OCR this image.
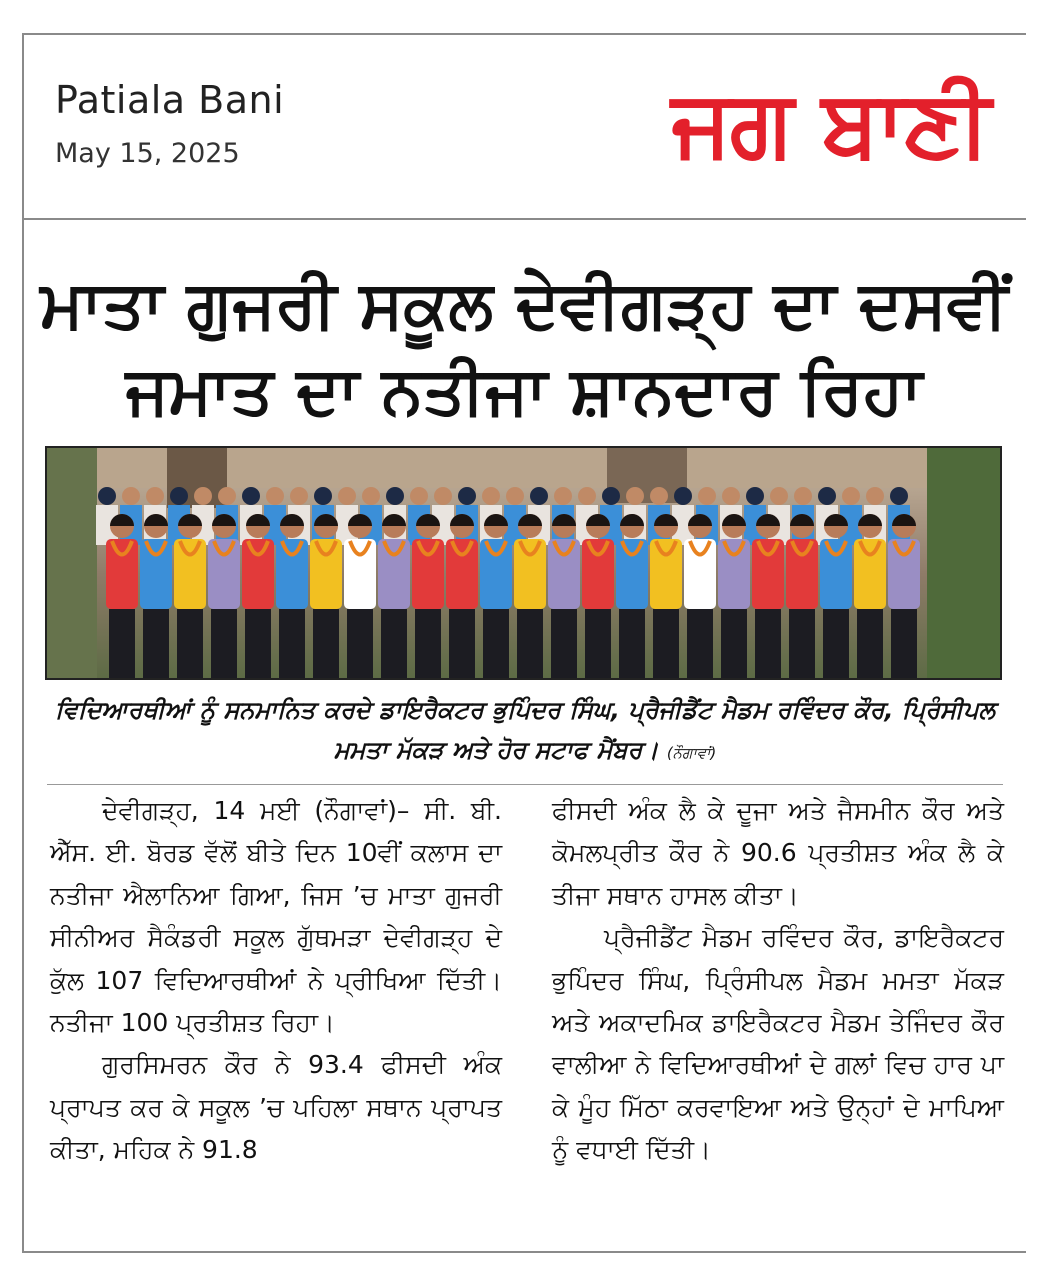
Patiala Bani
May 15, 2025	ਜਗ ਬਾਣੀ
ਮਾਤਾ ਗੁਜਰੀ ਸਕੂਲ ਦੇਵੀਗੜ੍ਹ ਦਾ ਦਸਵੀਂ
ਜਮਾਤ ਦਾ ਨਤੀਜਾ ਸ਼ਾਨਦਾਰ ਰਿਹਾ
ਵਿਦਿਆਰਥੀਆਂ ਨੂੰ ਸਨਮਾਨਿਤ ਕਰਦੇ ਡਾਇਰੈਕਟਰ ਭੁਪਿੰਦਰ ਸਿੰਘ, ਪ੍ਰੈਜੀਡੈਂਟ ਮੈਡਮ ਰਵਿੰਦਰ ਕੌਰ, ਪ੍ਰਿੰਸੀਪਲ ਮਮਤਾ ਮੱਕੜ ਅਤੇ ਹੋਰ ਸਟਾਫ ਮੈਂਬਰ। (ਨੌਗਾਵਾਂ)

ਦੇਵੀਗੜ੍ਹ, 14 ਮਈ (ਨੌਗਾਵਾਂ)– ਸੀ. ਬੀ. ਐੱਸ. ਈ. ਬੋਰਡ ਵੱਲੋਂ ਬੀਤੇ ਦਿਨ 10ਵੀਂ ਕਲਾਸ ਦਾ ਨਤੀਜਾ ਐਲਾਨਿਆ ਗਿਆ, ਜਿਸ ’ਚ ਮਾਤਾ ਗੁਜਰੀ ਸੀਨੀਅਰ ਸੈਕੰਡਰੀ ਸਕੂਲ ਗੁੱਥਮੜਾ ਦੇਵੀਗੜ੍ਹ ਦੇ ਕੁੱਲ 107 ਵਿਦਿਆਰਥੀਆਂ ਨੇ ਪ੍ਰੀਖਿਆ ਦਿੱਤੀ। ਨਤੀਜਾ 100 ਪ੍ਰਤੀਸ਼ਤ ਰਿਹਾ।

ਗੁਰਸਿਮਰਨ ਕੌਰ ਨੇ 93.4 ਫੀਸਦੀ ਅੰਕ ਪ੍ਰਾਪਤ ਕਰ ਕੇ ਸਕੂਲ ’ਚ ਪਹਿਲਾ ਸਥਾਨ ਪ੍ਰਾਪਤ ਕੀਤਾ, ਮਹਿਕ ਨੇ 91.8

ਫੀਸਦੀ ਅੰਕ ਲੈ ਕੇ ਦੂਜਾ ਅਤੇ ਜੈਸਮੀਨ ਕੌਰ ਅਤੇ ਕੋਮਲਪ੍ਰੀਤ ਕੌਰ ਨੇ 90.6 ਪ੍ਰਤੀਸ਼ਤ ਅੰਕ ਲੈ ਕੇ ਤੀਜਾ ਸਥਾਨ ਹਾਸਲ ਕੀਤਾ।

ਪ੍ਰੈਜੀਡੈਂਟ ਮੈਡਮ ਰਵਿੰਦਰ ਕੌਰ, ਡਾਇਰੈਕਟਰ ਭੁਪਿੰਦਰ ਸਿੰਘ, ਪ੍ਰਿੰਸੀਪਲ ਮੈਡਮ ਮਮਤਾ ਮੱਕੜ ਅਤੇ ਅਕਾਦਮਿਕ ਡਾਇਰੈਕਟਰ ਮੈਡਮ ਤੇਜਿੰਦਰ ਕੌਰ ਵਾਲੀਆ ਨੇ ਵਿਦਿਆਰਥੀਆਂ ਦੇ ਗਲਾਂ ਵਿਚ ਹਾਰ ਪਾ ਕੇ ਮੂੰਹ ਮਿੱਠਾ ਕਰਵਾਇਆ ਅਤੇ ਉਨ੍ਹਾਂ ਦੇ ਮਾਪਿਆ ਨੂੰ ਵਧਾਈ ਦਿੱਤੀ।
